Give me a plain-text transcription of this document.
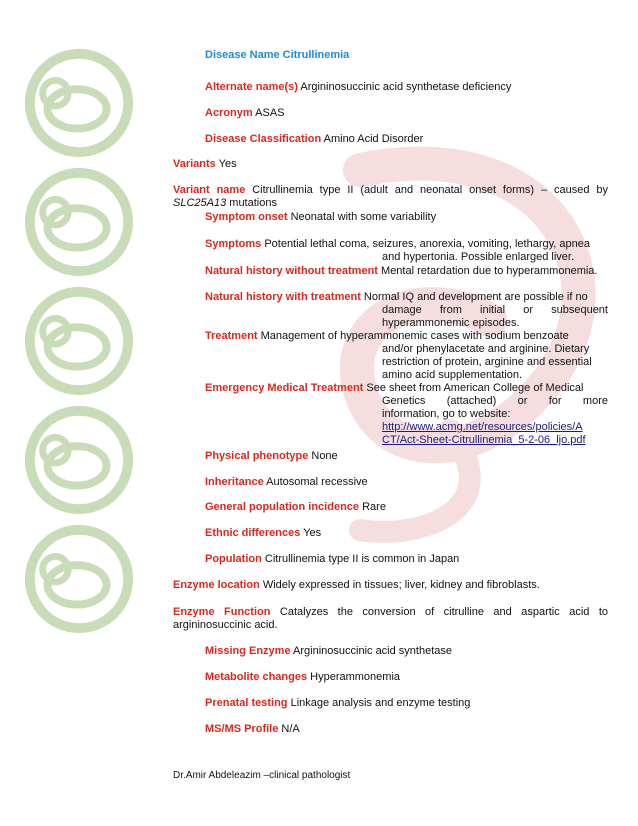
Disease Name Citrullinemia
Alternate name(s) Argininosuccinic acid synthetase deficiency
Acronym ASAS
Disease Classification Amino Acid Disorder
Variants Yes
Variant name Citrullinemia type II (adult and neonatal onset forms) – caused by SLC25A13 mutations
Symptom onset Neonatal with some variability
Symptoms Potential lethal coma, seizures, anorexia, vomiting, lethargy, apnea
and hypertonia. Possible enlarged liver.
Natural history without treatment Mental retardation due to hyperammonemia.
Natural history with treatment Normal IQ and development are possible if no
damage from initial or subsequent
hyperammonemic episodes.
Treatment Management of hyperammonemic cases with sodium benzoate
and/or phenylacetate and arginine. Dietary
restriction of protein, arginine and essential
amino acid supplementation.
Emergency Medical Treatment See sheet from American College of Medical
Genetics (attached) or for more
information, go to website:
http://www.acmg.net/resources/policies/A
CT/Act-Sheet-Citrullinemia_5-2-06_ljo.pdf
Physical phenotype None
Inheritance Autosomal recessive
General population incidence Rare
Ethnic differences Yes
Population Citrullinemia type II is common in Japan
Enzyme location Widely expressed in tissues; liver, kidney and fibroblasts.
Enzyme Function Catalyzes the conversion of citrulline and aspartic acid to
argininosuccinic acid.
Missing Enzyme Argininosuccinic acid synthetase
Metabolite changes Hyperammonemia
Prenatal testing Linkage analysis and enzyme testing
MS/MS Profile N/A
Dr.Amir Abdeleazim –clinical pathologist
